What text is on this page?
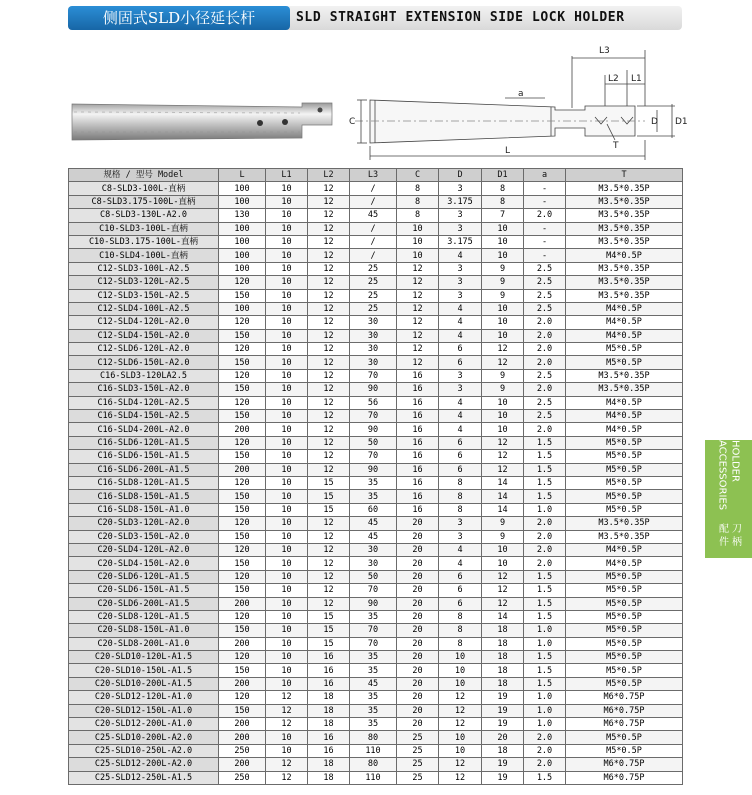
侧固式SLD小径延长杆	SLD STRAIGHT EXTENSION SIDE LOCK HOLDER
L3
L2 L1
a
C	D D1
L	T
规格 / 型号 Model	L	L1	L2	L3	C	D	D1	a	T
C8-SLD3-100L-直柄	100	10	12	/	8	3	8	-	M3.5*0.35P
C8-SLD3.175-100L-直柄	100	10	12	/	8	3.175	8	-	M3.5*0.35P
C8-SLD3-130L-A2.0	130	10	12	45	8	3	7	2.0	M3.5*0.35P
C10-SLD3-100L-直柄	100	10	12	/	10	3	10	-	M3.5*0.35P
C10-SLD3.175-100L-直柄	100	10	12	/	10	3.175	10	-	M3.5*0.35P
C10-SLD4-100L-直柄	100	10	12	/	10	4	10	-	M4*0.5P
C12-SLD3-100L-A2.5	100	10	12	25	12	3	9	2.5	M3.5*0.35P
C12-SLD3-120L-A2.5	120	10	12	25	12	3	9	2.5	M3.5*0.35P
C12-SLD3-150L-A2.5	150	10	12	25	12	3	9	2.5	M3.5*0.35P
C12-SLD4-100L-A2.5	100	10	12	25	12	4	10	2.5	M4*0.5P
C12-SLD4-120L-A2.0	120	10	12	30	12	4	10	2.0	M4*0.5P
C12-SLD4-150L-A2.0	150	10	12	30	12	4	10	2.0	M4*0.5P
C12-SLD6-120L-A2.0	120	10	12	30	12	6	12	2.0	M5*0.5P
C12-SLD6-150L-A2.0	150	10	12	30	12	6	12	2.0	M5*0.5P
C16-SLD3-120LA2.5	120	10	12	70	16	3	9	2.5	M3.5*0.35P
C16-SLD3-150L-A2.0	150	10	12	90	16	3	9	2.0	M3.5*0.35P
C16-SLD4-120L-A2.5	120	10	12	56	16	4	10	2.5	M4*0.5P
C16-SLD4-150L-A2.5	150	10	12	70	16	4	10	2.5	M4*0.5P
C16-SLD4-200L-A2.0	200	10	12	90	16	4	10	2.0	M4*0.5P
C16-SLD6-120L-A1.5	120	10	12	50	16	6	12	1.5	M5*0.5P
C16-SLD6-150L-A1.5	150	10	12	70	16	6	12	1.5	M5*0.5P
C16-SLD6-200L-A1.5	200	10	12	90	16	6	12	1.5	M5*0.5P
C16-SLD8-120L-A1.5	120	10	15	35	16	8	14	1.5	M5*0.5P
C16-SLD8-150L-A1.5	150	10	15	35	16	8	14	1.5	M5*0.5P
C16-SLD8-150L-A1.0	150	10	15	60	16	8	14	1.0	M5*0.5P
C20-SLD3-120L-A2.0	120	10	12	45	20	3	9	2.0	M3.5*0.35P
C20-SLD3-150L-A2.0	150	10	12	45	20	3	9	2.0	M3.5*0.35P
C20-SLD4-120L-A2.0	120	10	12	30	20	4	10	2.0	M4*0.5P
C20-SLD4-150L-A2.0	150	10	12	30	20	4	10	2.0	M4*0.5P
C20-SLD6-120L-A1.5	120	10	12	50	20	6	12	1.5	M5*0.5P
C20-SLD6-150L-A1.5	150	10	12	70	20	6	12	1.5	M5*0.5P
C20-SLD6-200L-A1.5	200	10	12	90	20	6	12	1.5	M5*0.5P
C20-SLD8-120L-A1.5	120	10	15	35	20	8	14	1.5	M5*0.5P
C20-SLD8-150L-A1.0	150	10	15	70	20	8	18	1.0	M5*0.5P
C20-SLD8-200L-A1.0	200	10	15	70	20	8	18	1.0	M5*0.5P
C20-SLD10-120L-A1.5	120	10	16	35	20	10	18	1.5	M5*0.5P
C20-SLD10-150L-A1.5	150	10	16	35	20	10	18	1.5	M5*0.5P
C20-SLD10-200L-A1.5	200	10	16	45	20	10	18	1.5	M5*0.5P
C20-SLD12-120L-A1.0	120	12	18	35	20	12	19	1.0	M6*0.75P
C20-SLD12-150L-A1.0	150	12	18	35	20	12	19	1.0	M6*0.75P
C20-SLD12-200L-A1.0	200	12	18	35	20	12	19	1.0	M6*0.75P
C25-SLD10-200L-A2.0	200	10	16	80	25	10	20	2.0	M5*0.5P
C25-SLD10-250L-A2.0	250	10	16	110	25	10	18	2.0	M5*0.5P
C25-SLD12-200L-A2.0	200	12	18	80	25	12	19	2.0	M6*0.75P
C25-SLD12-250L-A1.5	250	12	18	110	25	12	19	1.5	M6*0.75P
HOLDER ACCESSORIES
刀 柄 配 件
